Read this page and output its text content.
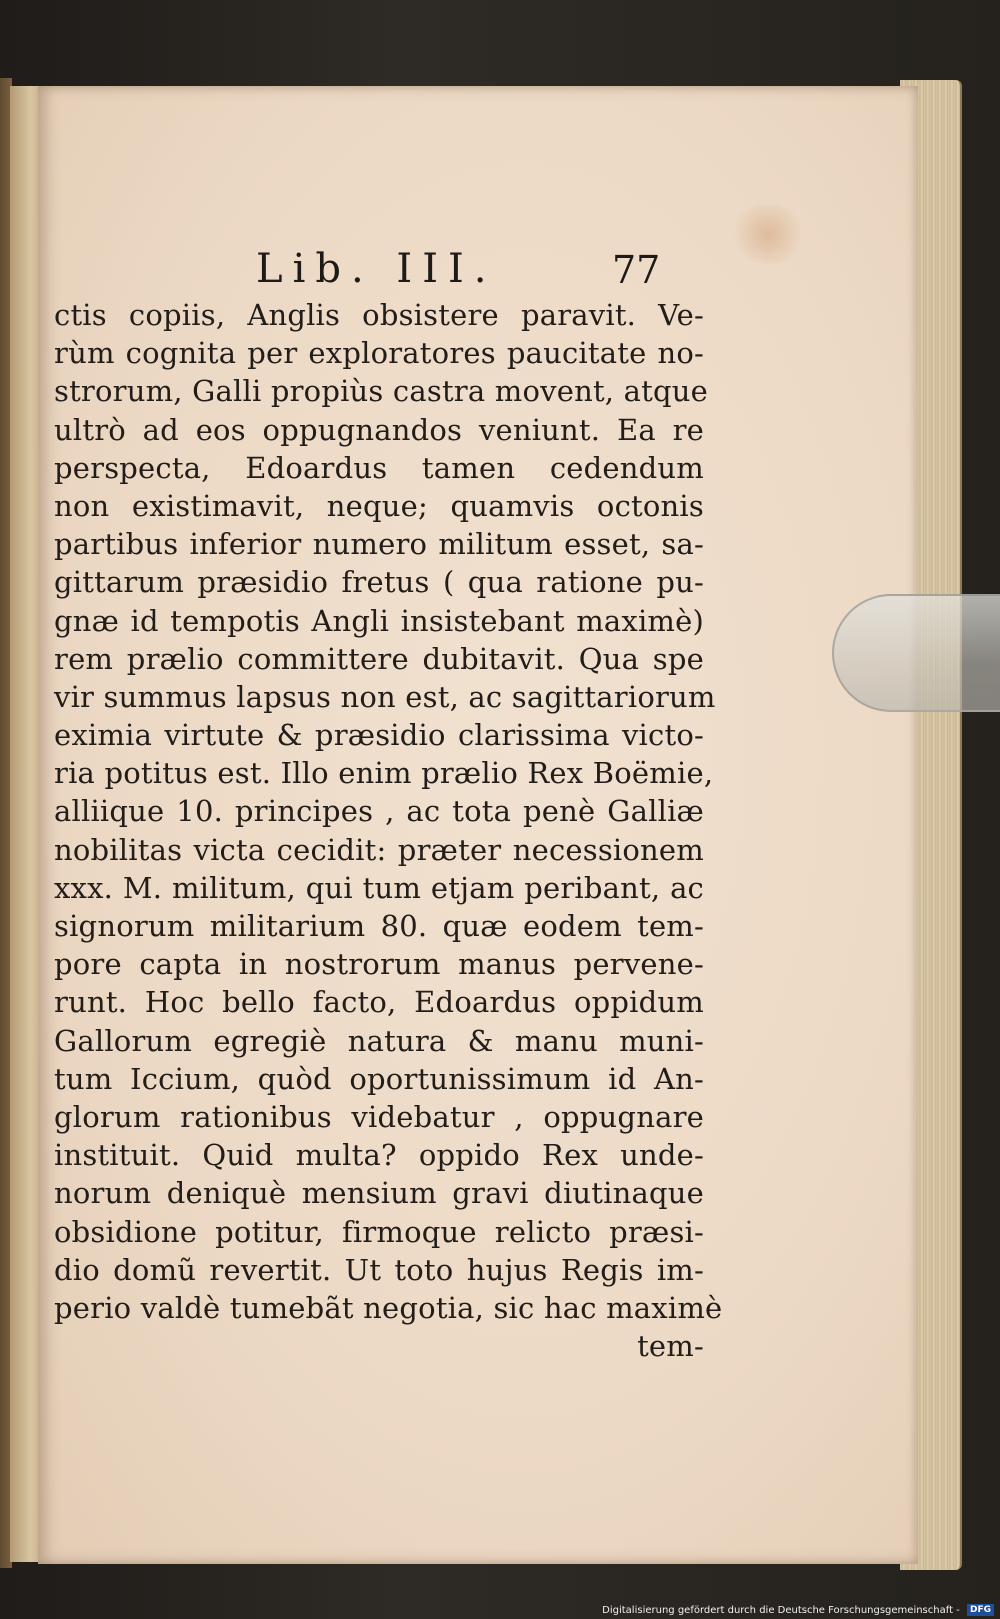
Lib. III.	77
ctis copiis, Anglis obsistere paravit. Ve-
rùm cognita per exploratores paucitate no-
strorum, Galli propiùs castra movent, atque
ultrò ad eos oppugnandos veniunt. Ea re
perspecta, Edoardus tamen cedendum
non existimavit, neque; quamvis octonis
partibus inferior numero militum esset, sa-
gittarum præsidio fretus ( qua ratione pu-
gnæ id tempotis Angli insistebant maximè)
rem prælio committere dubitavit. Qua spe
vir summus lapsus non est, ac sagittariorum
eximia virtute & præsidio clarissima victo-
ria potitus est. Illo enim prælio Rex Boëmie,
alliique 10. principes , ac tota penè Galliæ
nobilitas victa cecidit: præter necessionem
xxx. M. militum, qui tum etjam peribant, ac
signorum militarium 80. quæ eodem tem-
pore capta in nostrorum manus pervene-
runt. Hoc bello facto, Edoardus oppidum
Gallorum egregiè natura & manu muni-
tum Iccium, quòd oportunissimum id An-
glorum rationibus videbatur , oppugnare
instituit. Quid multa? oppido Rex unde-
norum deniquè mensium gravi diutinaque
obsidione potitur, firmoque relicto præsi-
dio domũ revertit. Ut toto hujus Regis im-
perio valdè tumebãt negotia, sic hac maximè
tem-
Digitalisierung gefördert durch die Deutsche Forschungsgemeinschaft - DFG
